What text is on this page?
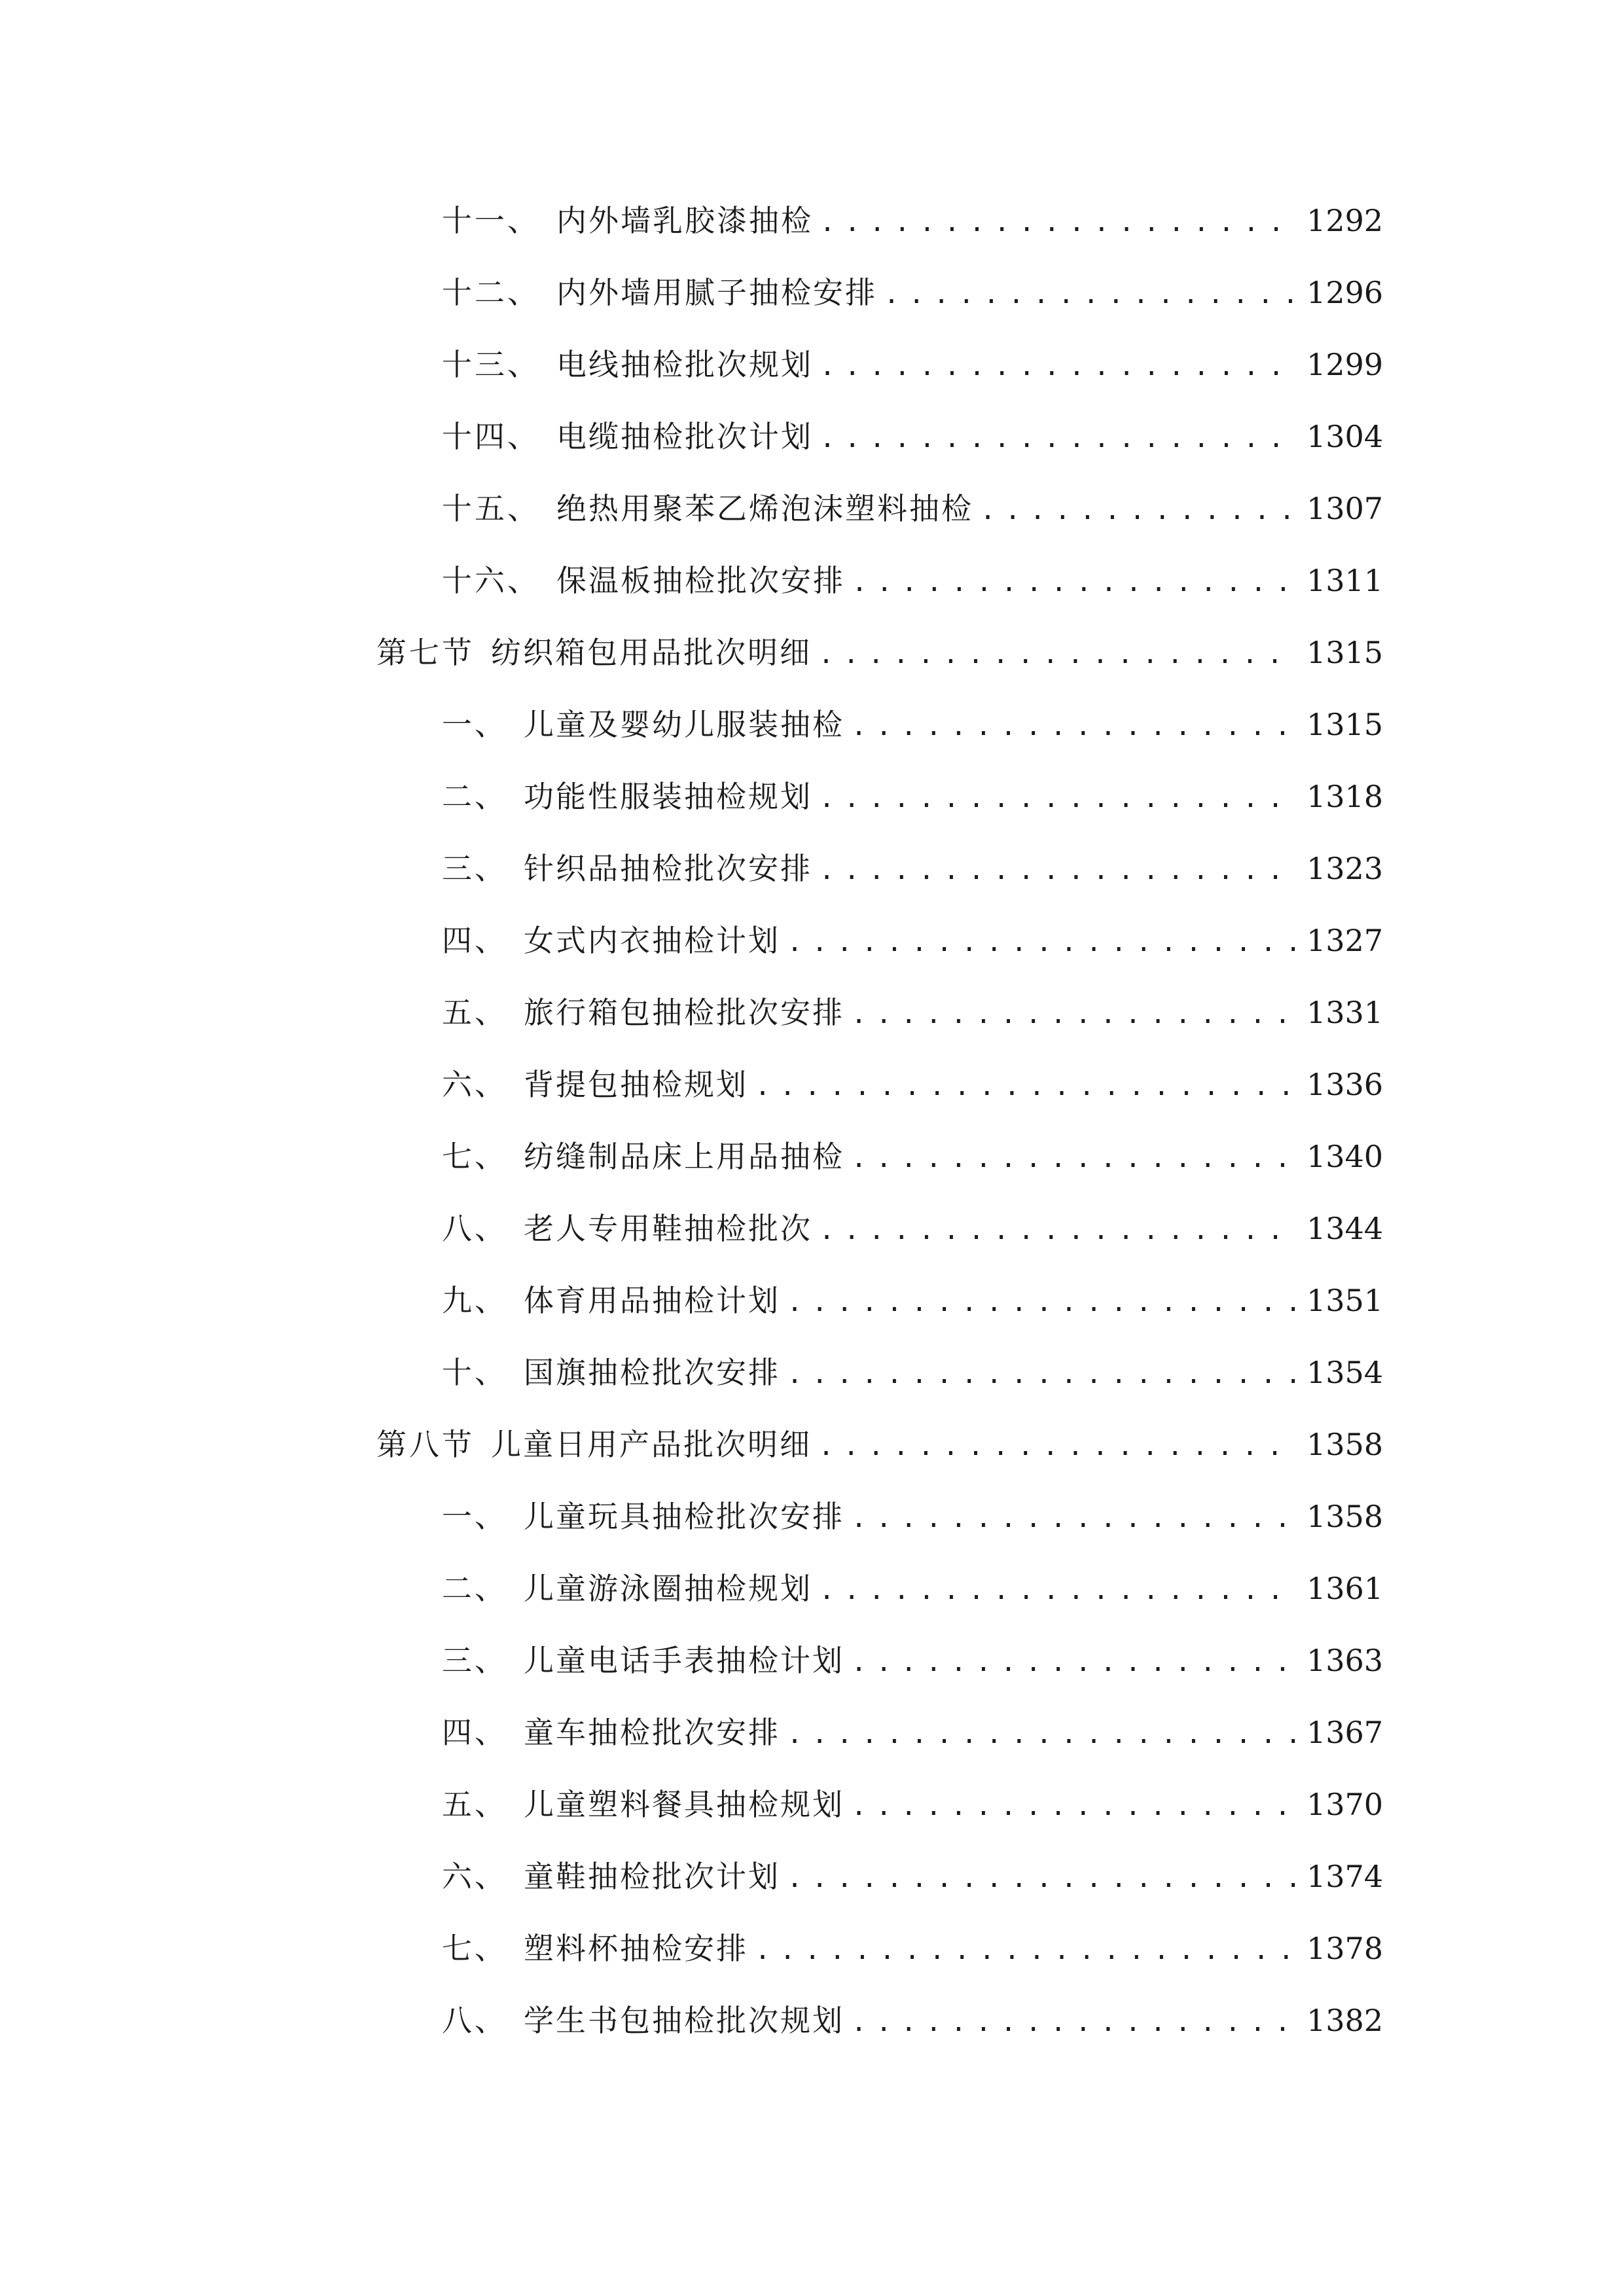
十一、 内外墙乳胶漆抽检 .....	1292
十二、 内外墙用腻子抽检安排 .....	1296
十三、 电线抽检批次规划 .....	1299
十四、 电缆抽检批次计划 .....	1304
十五、 绝热用聚苯乙烯泡沫塑料抽检 .....	1307
十六、 保温板抽检批次安排 .....	1311
第七节 纺织箱包用品批次明细 .....	1315
一、 儿童及婴幼儿服装抽检 .....	1315
二、 功能性服装抽检规划 .....	1318
三、 针织品抽检批次安排 .....	1323
四、 女式内衣抽检计划 .....	1327
五、 旅行箱包抽检批次安排 .....	1331
六、 背提包抽检规划 .....	1336
七、 纺缝制品床上用品抽检 .....	1340
八、 老人专用鞋抽检批次 .....	1344
九、 体育用品抽检计划 .....	1351
十、 国旗抽检批次安排 .....	1354
第八节 儿童日用产品批次明细 .....	1358
一、 儿童玩具抽检批次安排 .....	1358
二、 儿童游泳圈抽检规划 .....	1361
三、 儿童电话手表抽检计划 .....	1363
四、 童车抽检批次安排 .....	1367
五、 儿童塑料餐具抽检规划 .....	1370
六、 童鞋抽检批次计划 .....	1374
七、 塑料杯抽检安排 .....	1378
八、 学生书包抽检批次规划 .....	1382
